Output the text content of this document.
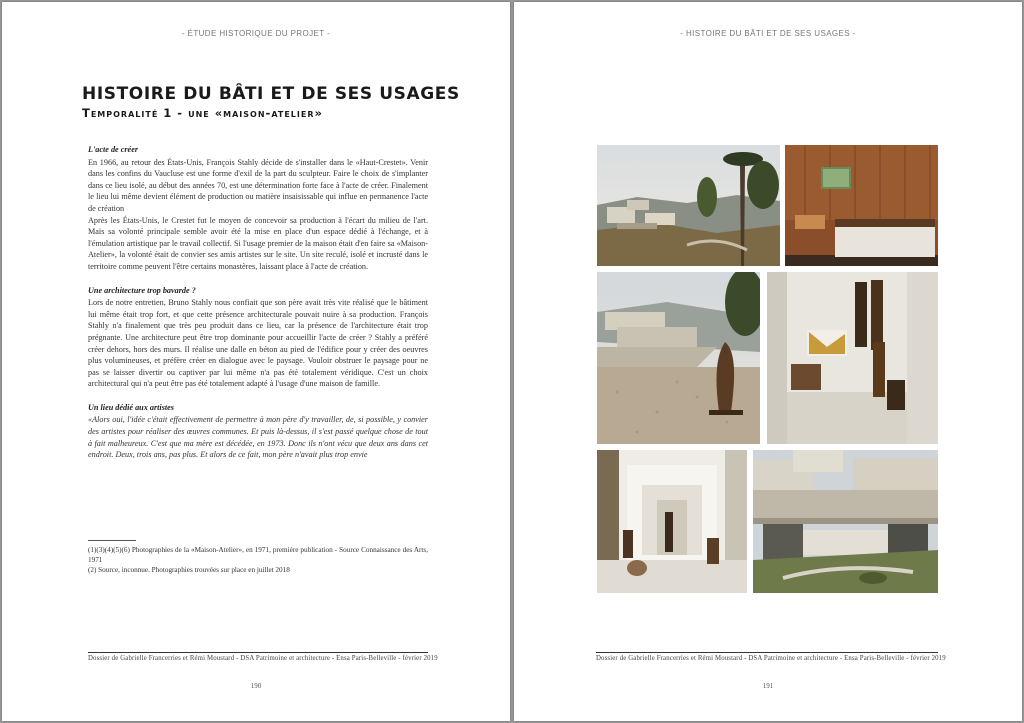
- ÉTUDE HISTORIQUE DU PROJET -
HISTOIRE DU BÂTI ET DE SES USAGES
Temporalité 1 - une «maison-atelier»

L'acte de créer

En 1966, au retour des États-Unis, François Stahly décide de s'installer dans le «Haut-Crestet». Venir dans les confins du Vaucluse est une forme d'exil de la part du sculpteur. Faire le choix de s'implanter dans ce lieu isolé, au début des années 70, est une détermination forte face à l'acte de créer. Finalement le lieu lui même devient élément de production ou matière insaisissable qui influe en permanence l'acte de création

Après les États-Unis, le Crestet fut le moyen de concevoir sa production à l'écart du milieu de l'art. Mais sa volonté principale semble avoir été la mise en place d'un espace dédié à l'échange, et à l'émulation artistique par le travail collectif. Si l'usage premier de la maison était d'en faire sa «Maison-Atelier», la volonté était de convier ses amis artistes sur le site. Un site reculé, isolé et incrusté dans le territoire comme peuvent l'être certains monastères, laissant place à l'acte de création.

Une architecture trop bavarde ?

Lors de notre entretien, Bruno Stahly nous confiait que son père avait très vite réalisé que le bâtiment lui même était trop fort, et que cette présence architecturale pouvait nuire à sa production. François Stahly n'a finalement que très peu produit dans ce lieu, car la présence de l'architecture était trop prégnante. Une architecture peut être trop dominante pour accueillir l'acte de créer ? Stahly a préféré créer dehors, hors des murs. Il réalise une dalle en béton au pied de l'édifice pour y créer des oeuvres plus volumineuses, et préfère créer en dialogue avec le paysage. Vouloir obstruer le paysage pour ne pas se laisser divertir ou captiver par lui même n'a pas été totalement véridique. C'est un choix architectural qui n'a peut être pas été totalement adapté à l'usage d'une maison de famille.

Un lieu dédié aux artistes

«Alors oui, l'idée c'était effectivement de permettre à mon père d'y travailler, de, si possible, y convier des artistes pour réaliser des œuvres communes. Et puis là-dessus, il s'est passé quelque chose de tout à fait malheureux. C'est que ma mère est décédée, en 1973. Donc ils n'ont vécu que deux ans dans cet endroit. Deux, trois ans, pas plus. Et alors de ce fait, mon père n'avait plus trop envie

(1)(3)(4)(5)(6) Photographies de la «Maison-Atelier», en 1971, première publication - Source Connaissance des Arts, 1971

(2) Source, inconnue. Photographies trouvées sur place en juillet 2018

Dossier de Gabrielle Francerries et Rémi Moustard - DSA Patrimoine et architecture - Ensa Paris-Belleville - février 2019
190
- HISTOIRE DU BÂTI ET DE SES USAGES -
Dossier de Gabrielle Francerries et Rémi Moustard - DSA Patrimoine et architecture - Ensa Paris-Belleville - février 2019
191
